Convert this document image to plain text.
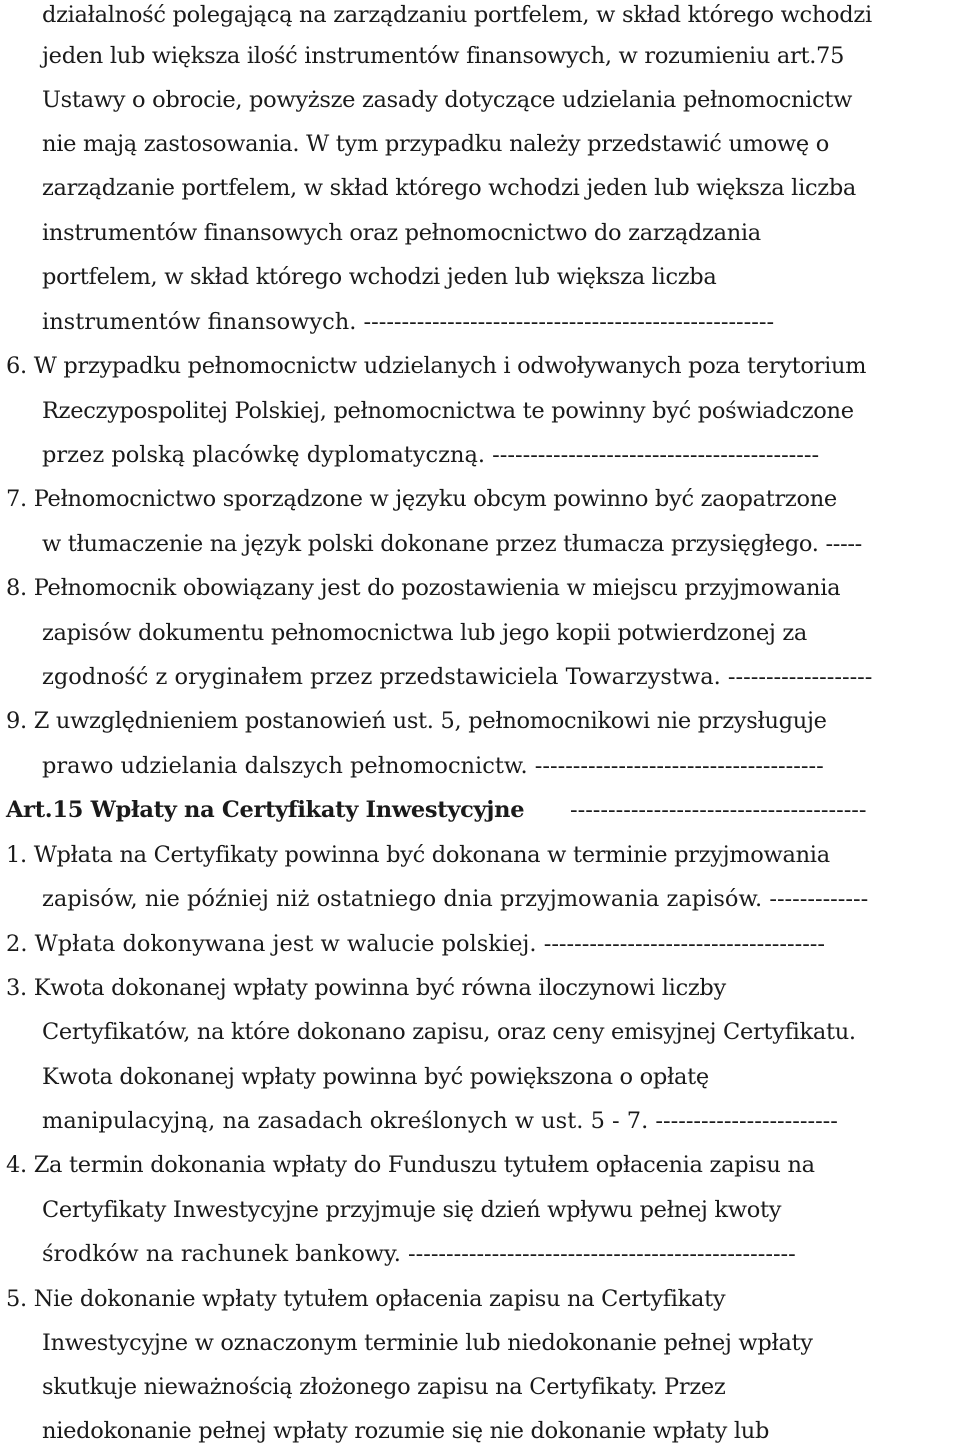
działalność polegającą na zarządzaniu portfelem, w skład którego wchodzi
jeden lub większa ilość instrumentów finansowych, w rozumieniu art.75
Ustawy o obrocie, powyższe zasady dotyczące udzielania pełnomocnictw
nie mają zastosowania. W tym przypadku należy przedstawić umowę o
zarządzanie portfelem, w skład którego wchodzi jeden lub większa liczba
instrumentów finansowych oraz pełnomocnictwo do zarządzania
portfelem, w skład którego wchodzi jeden lub większa liczba
instrumentów finansowych. ------------------------------------------------------
6. W przypadku pełnomocnictw udzielanych i odwoływanych poza terytorium
Rzeczypospolitej Polskiej, pełnomocnictwa te powinny być poświadczone
przez polską placówkę dyplomatyczną. -------------------------------------------
7. Pełnomocnictwo sporządzone w języku obcym powinno być zaopatrzone
w tłumaczenie na język polski dokonane przez tłumacza przysięgłego. -----
8. Pełnomocnik obowiązany jest do pozostawienia w miejscu przyjmowania
zapisów dokumentu pełnomocnictwa lub jego kopii potwierdzonej za
zgodność z oryginałem przez przedstawiciela Towarzystwa. -------------------
9. Z uwzględnieniem postanowień ust. 5, pełnomocnikowi nie przysługuje
prawo udzielania dalszych pełnomocnictw. --------------------------------------
Art.15 Wpłaty na Certyfikaty Inwestycyjne ---------------------------------------
1. Wpłata na Certyfikaty powinna być dokonana w terminie przyjmowania
zapisów, nie później niż ostatniego dnia przyjmowania zapisów. -------------
2. Wpłata dokonywana jest w walucie polskiej. -------------------------------------
3. Kwota dokonanej wpłaty powinna być równa iloczynowi liczby
Certyfikatów, na które dokonano zapisu, oraz ceny emisyjnej Certyfikatu.
Kwota dokonanej wpłaty powinna być powiększona o opłatę
manipulacyjną, na zasadach określonych w ust. 5 - 7. ------------------------
4. Za termin dokonania wpłaty do Funduszu tytułem opłacenia zapisu na
Certyfikaty Inwestycyjne przyjmuje się dzień wpływu pełnej kwoty
środków na rachunek bankowy. ---------------------------------------------------
5. Nie dokonanie wpłaty tytułem opłacenia zapisu na Certyfikaty
Inwestycyjne w oznaczonym terminie lub niedokonanie pełnej wpłaty
skutkuje nieważnością złożonego zapisu na Certyfikaty. Przez
niedokonanie pełnej wpłaty rozumie się nie dokonanie wpłaty lub
